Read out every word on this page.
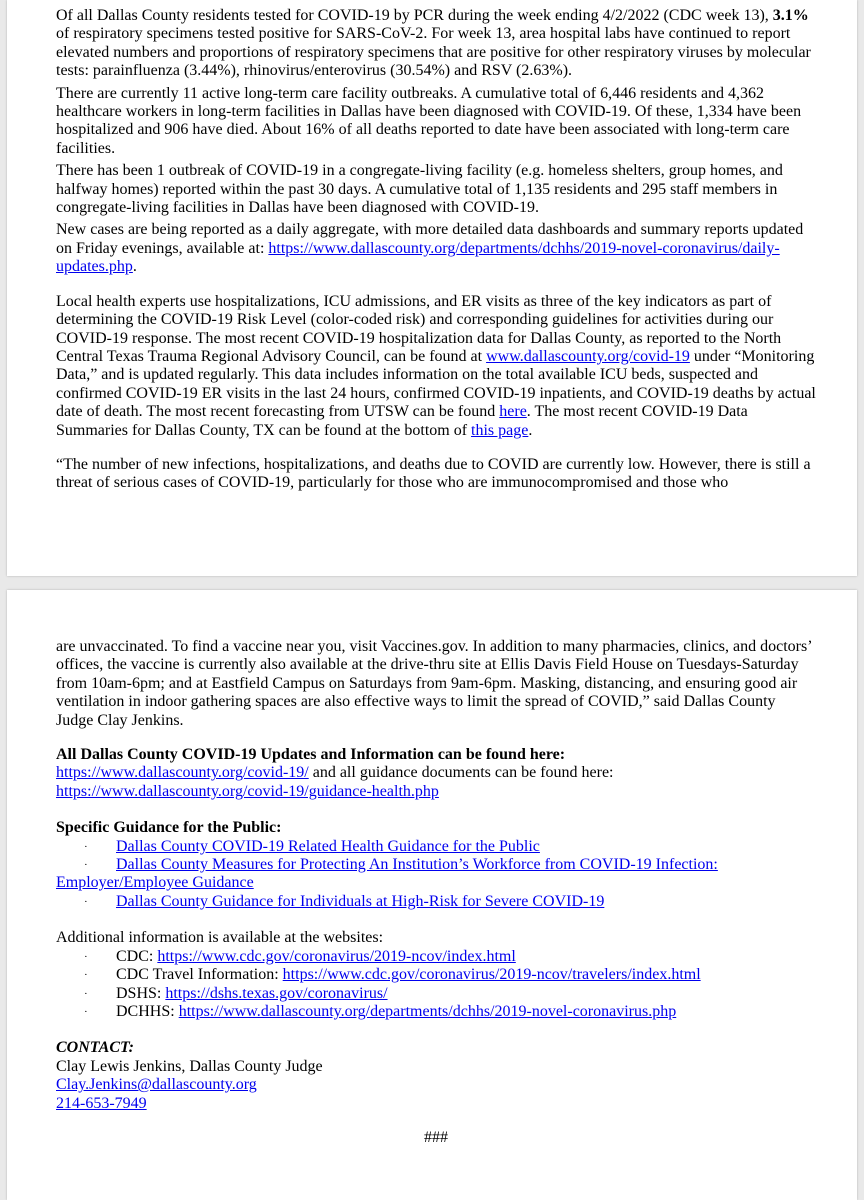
Of all Dallas County residents tested for COVID-19 by PCR during the week ending 4/2/2022 (CDC week 13), 3.1% of respiratory specimens tested positive for SARS-CoV-2. For week 13, area hospital labs have continued to report elevated numbers and proportions of respiratory specimens that are positive for other respiratory viruses by molecular tests: parainfluenza (3.44%), rhinovirus/enterovirus (30.54%) and RSV (2.63%).

There are currently 11 active long-term care facility outbreaks. A cumulative total of 6,446 residents and 4,362 healthcare workers in long-term facilities in Dallas have been diagnosed with COVID-19. Of these, 1,334 have been hospitalized and 906 have died. About 16% of all deaths reported to date have been associated with long-term care facilities.

There has been 1 outbreak of COVID-19 in a congregate-living facility (e.g. homeless shelters, group homes, and halfway homes) reported within the past 30 days. A cumulative total of 1,135 residents and 295 staff members in congregate-living facilities in Dallas have been diagnosed with COVID-19.

New cases are being reported as a daily aggregate, with more detailed data dashboards and summary reports updated on Friday evenings, available at: https://www.dallascounty.org/departments/dchhs/2019-novel-coronavirus/daily-updates.php.

Local health experts use hospitalizations, ICU admissions, and ER visits as three of the key indicators as part of determining the COVID-19 Risk Level (color-coded risk) and corresponding guidelines for activities during our COVID-19 response. The most recent COVID-19 hospitalization data for Dallas County, as reported to the North Central Texas Trauma Regional Advisory Council, can be found at www.dallascounty.org/covid-19 under “Monitoring Data,” and is updated regularly. This data includes information on the total available ICU beds, suspected and confirmed COVID-19 ER visits in the last 24 hours, confirmed COVID-19 inpatients, and COVID-19 deaths by actual date of death. The most recent forecasting from UTSW can be found here. The most recent COVID-19 Data Summaries for Dallas County, TX can be found at the bottom of this page.

“The number of new infections, hospitalizations, and deaths due to COVID are currently low. However, there is still a threat of serious cases of COVID-19, particularly for those who are immunocompromised and those who

are unvaccinated. To find a vaccine near you, visit Vaccines.gov. In addition to many pharmacies, clinics, and doctors’ offices, the vaccine is currently also available at the drive-thru site at Ellis Davis Field House on Tuesdays-Saturday from 10am-6pm; and at Eastfield Campus on Saturdays from 9am-6pm. Masking, distancing, and ensuring good air ventilation in indoor gathering spaces are also effective ways to limit the spread of COVID,” said Dallas County Judge Clay Jenkins.

All Dallas County COVID-19 Updates and Information can be found here:
https://www.dallascounty.org/covid-19/ and all guidance documents can be found here:
https://www.dallascounty.org/covid-19/guidance-health.php
Specific Guidance for the Public:
· Dallas County COVID-19 Related Health Guidance for the Public
· Dallas County Measures for Protecting An Institution’s Workforce from COVID-19 Infection: Employer/Employee Guidance
· Dallas County Guidance for Individuals at High-Risk for Severe COVID-19
Additional information is available at the websites:
· CDC: https://www.cdc.gov/coronavirus/2019-ncov/index.html
· CDC Travel Information: https://www.cdc.gov/coronavirus/2019-ncov/travelers/index.html
· DSHS: https://dshs.texas.gov/coronavirus/
· DCHHS: https://www.dallascounty.org/departments/dchhs/2019-novel-coronavirus.php
CONTACT:
Clay Lewis Jenkins, Dallas County Judge
Clay.Jenkins@dallascounty.org
214-653-7949
###
